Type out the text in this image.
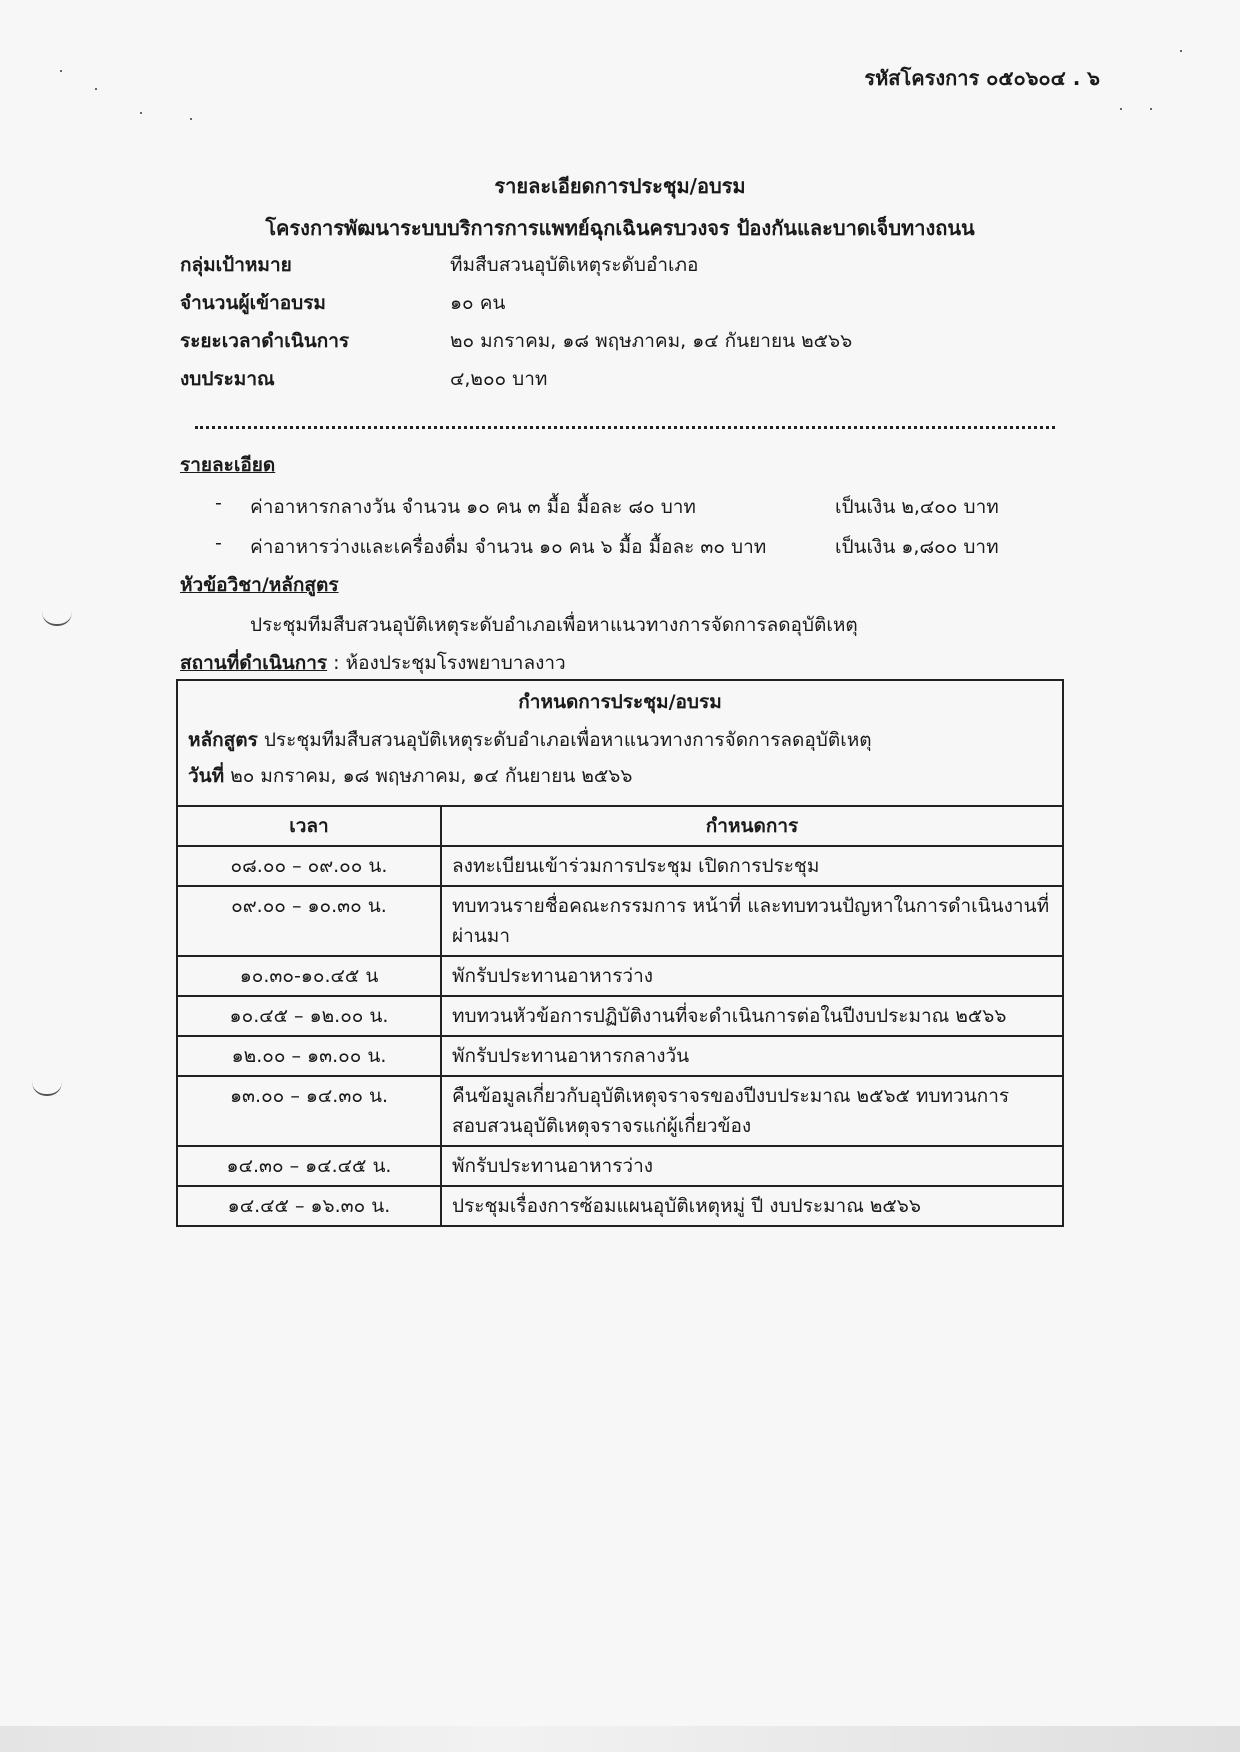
รหัสโครงการ ๐๕๐๖๐๔ . ๖
รายละเอียดการประชุม/อบรม
โครงการพัฒนาระบบบริการการแพทย์ฉุกเฉินครบวงจร ป้องกันและบาดเจ็บทางถนน
กลุ่มเป้าหมาย	ทีมสืบสวนอุบัติเหตุระดับอำเภอ
จำนวนผู้เข้าอบรม	๑๐ คน
ระยะเวลาดำเนินการ	๒๐ มกราคม, ๑๘ พฤษภาคม, ๑๔ กันยายน ๒๕๖๖
งบประมาณ	๔,๒๐๐ บาท
รายละเอียด
-	ค่าอาหารกลางวัน จำนวน ๑๐ คน ๓ มื้อ มื้อละ ๘๐ บาท	เป็นเงิน ๒,๔๐๐ บาท
-	ค่าอาหารว่างและเครื่องดื่ม จำนวน ๑๐ คน ๖ มื้อ มื้อละ ๓๐ บาท	เป็นเงิน ๑,๘๐๐ บาท
หัวข้อวิชา/หลักสูตร
ประชุมทีมสืบสวนอุบัติเหตุระดับอำเภอเพื่อหาแนวทางการจัดการลดอุบัติเหตุ
สถานที่ดำเนินการ : ห้องประชุมโรงพยาบาลงาว
กำหนดการประชุม/อบรม
หลักสูตร ประชุมทีมสืบสวนอุบัติเหตุระดับอำเภอเพื่อหาแนวทางการจัดการลดอุบัติเหตุ
วันที่ ๒๐ มกราคม, ๑๘ พฤษภาคม, ๑๔ กันยายน ๒๕๖๖
เวลา	กำหนดการ
๐๘.๐๐ – ๐๙.๐๐ น.	ลงทะเบียนเข้าร่วมการประชุม เปิดการประชุม
๐๙.๐๐ – ๑๐.๓๐ น.	ทบทวนรายชื่อคณะกรรมการ หน้าที่ และทบทวนปัญหาในการดำเนินงานที่ผ่านมา
๑๐.๓๐-๑๐.๔๕ น	พักรับประทานอาหารว่าง
๑๐.๔๕ – ๑๒.๐๐ น.	ทบทวนหัวข้อการปฏิบัติงานที่จะดำเนินการต่อในปีงบประมาณ ๒๕๖๖
๑๒.๐๐ – ๑๓.๐๐ น.	พักรับประทานอาหารกลางวัน
๑๓.๐๐ – ๑๔.๓๐ น.	คืนข้อมูลเกี่ยวกับอุบัติเหตุจราจรของปีงบประมาณ ๒๕๖๕ ทบทวนการสอบสวนอุบัติเหตุจราจรแก่ผู้เกี่ยวข้อง
๑๔.๓๐ – ๑๔.๔๕ น.	พักรับประทานอาหารว่าง
๑๔.๔๕ – ๑๖.๓๐ น.	ประชุมเรื่องการซ้อมแผนอุบัติเหตุหมู่ ปี งบประมาณ ๒๕๖๖
